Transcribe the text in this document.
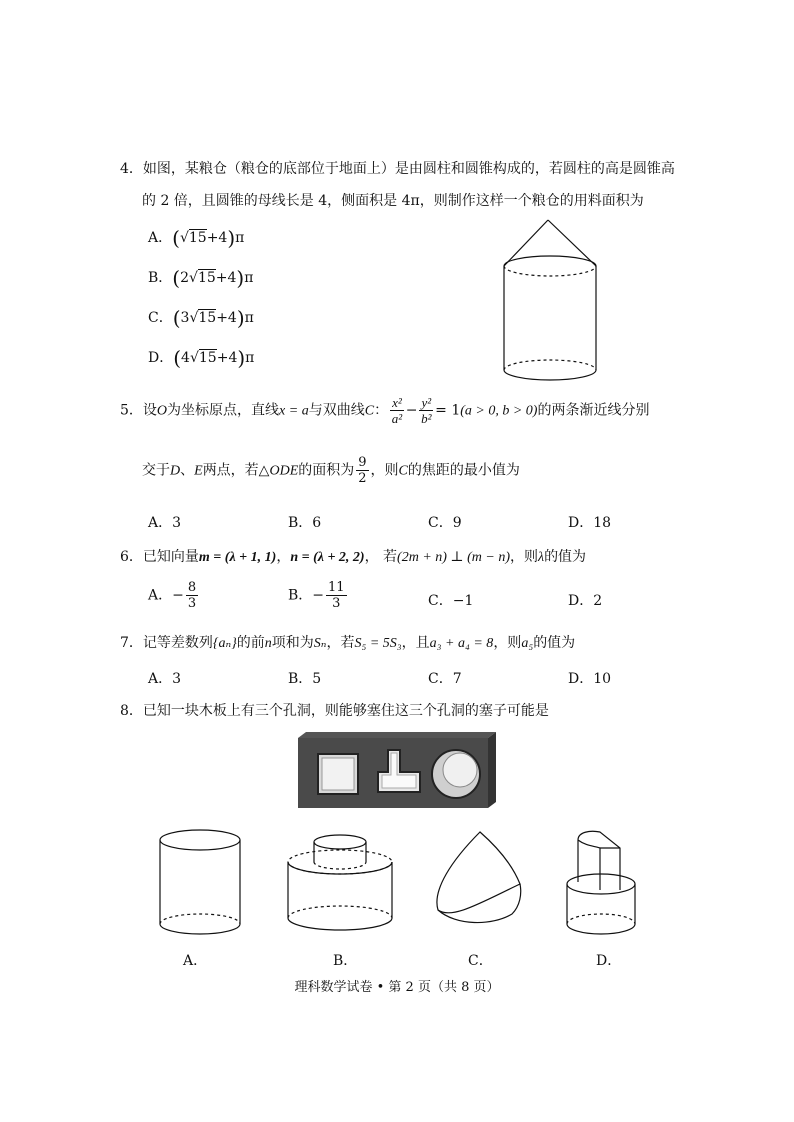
4．如图，某粮仓（粮仓的底部位于地面上）是由圆柱和圆锥构成的，若圆柱的高是圆锥高
的 2 倍，且圆锥的母线长是 4，侧面积是 4π，则制作这样一个粮仓的用料面积为
A．(√15+4)π
B．(2√15+4)π
C．(3√15+4)π
D．(4√15+4)π
5．设O为坐标原点，直线x = a与双曲线C： $\frac{\text{x²}}{\text{a²}} - \frac{\text{y²}}{\text{b²}} = 1(a > 0$, b > 0)的两条渐近线分别
交于D、E两点，若△ODE的面积为 $\frac{9}{2}$ ，则C的焦距的最小值为
A．3	B．6	C．9	D．18
6．已知向量m = (λ + 1, 1)，n = (λ + 2, 2)， 若(2m + n) ⊥ (m − n)，则λ的值为
A．− $\frac{8}{3}$	B．− $\frac{11}{3}$	C．−1	D．2
7．记等差数列{aₙ}的前n项和为Sₙ，若S₅ = 5S₃，且a₃ + a₄ = 8，则a₅的值为
A．3	B．5	C．7	D．10
8．已知一块木板上有三个孔洞，则能够塞住这三个孔洞的塞子可能是
A．	B．	C．	D．
理科数学试卷 • 第 2 页（共 8 页）
